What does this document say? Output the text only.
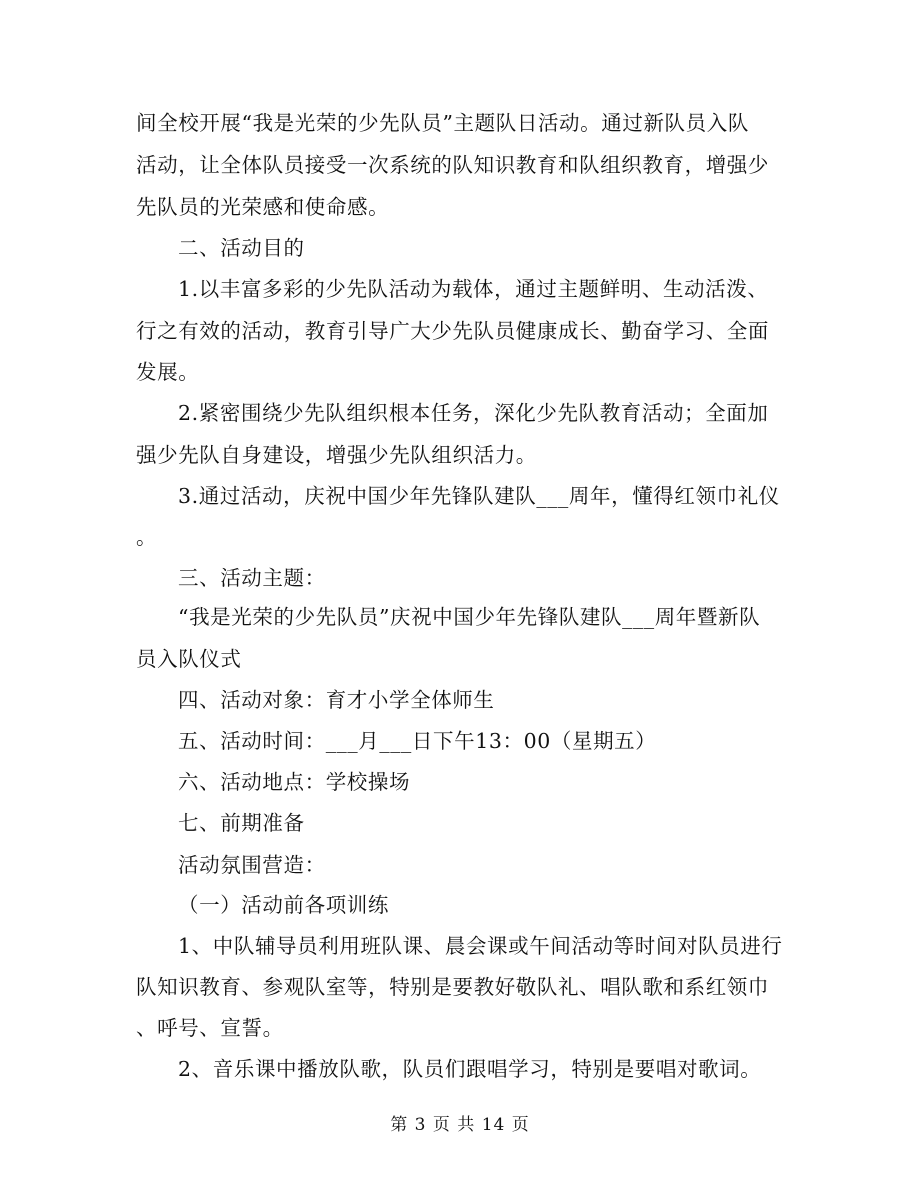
间全校开展“我是光荣的少先队员”主题队日活动。通过新队员入队
活动，让全体队员接受一次系统的队知识教育和队组织教育，增强少
先队员的光荣感和使命感。
二、活动目的
1.以丰富多彩的少先队活动为载体，通过主题鲜明、生动活泼、
行之有效的活动，教育引导广大少先队员健康成长、勤奋学习、全面
发展。
2.紧密围绕少先队组织根本任务，深化少先队教育活动；全面加
强少先队自身建设，增强少先队组织活力。
3.通过活动，庆祝中国少年先锋队建队___周年，懂得红领巾礼仪
。
三、活动主题：
“我是光荣的少先队员”庆祝中国少年先锋队建队___周年暨新队
员入队仪式
四、活动对象：育才小学全体师生
五、活动时间：___月___日下午13：00（星期五）
六、活动地点：学校操场
七、前期准备
活动氛围营造：
（一）活动前各项训练
1、中队辅导员利用班队课、晨会课或午间活动等时间对队员进行
队知识教育、参观队室等，特别是要教好敬队礼、唱队歌和系红领巾
、呼号、宣誓。
2、音乐课中播放队歌，队员们跟唱学习，特别是要唱对歌词。
第 3 页 共 14 页
